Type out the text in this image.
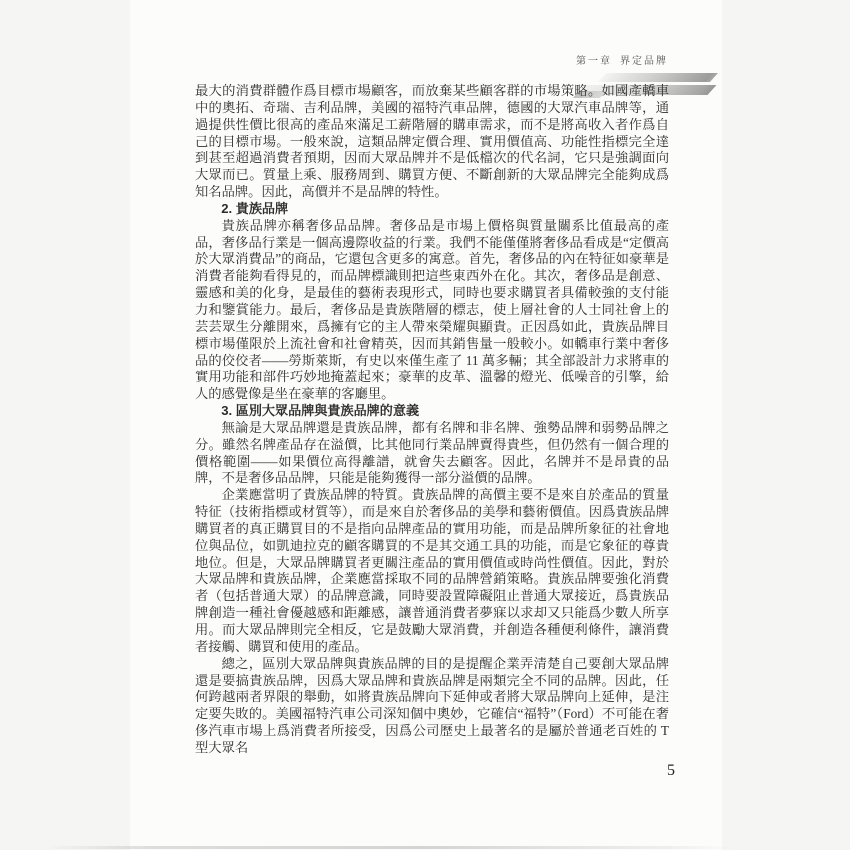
第一章 界定品牌

最大的消費群體作爲目標市場顧客，而放棄某些顧客群的市場策略。如國產轎車中的奧拓、奇瑞、吉利品牌，美國的福特汽車品牌，德國的大眾汽車品牌等，通過提供性價比很高的產品來滿足工薪階層的購車需求，而不是將高收入者作爲自己的目標市場。一般來說，這類品牌定價合理、實用價值高、功能性指標完全達到甚至超過消費者預期，因而大眾品牌并不是低檔次的代名詞，它只是強調面向大眾而已。質量上乘、服務周到、購買方便、不斷創新的大眾品牌完全能夠成爲知名品牌。因此，高價并不是品牌的特性。

2. 貴族品牌

貴族品牌亦稱奢侈品品牌。奢侈品是市場上價格與質量關系比值最高的產品，奢侈品行業是一個高邊際收益的行業。我們不能僅僅將奢侈品看成是“定價高於大眾消費品”的商品，它還包含更多的寓意。首先，奢侈品的內在特征如豪華是消費者能夠看得見的，而品牌標識則把這些東西外在化。其次，奢侈品是創意、靈感和美的化身，是最佳的藝術表現形式，同時也要求購買者具備較強的支付能力和鑒賞能力。最后，奢侈品是貴族階層的標志，使上層社會的人士同社會上的芸芸眾生分離開來，爲擁有它的主人帶來榮耀與顯貴。正因爲如此，貴族品牌目標市場僅限於上流社會和社會精英，因而其銷售量一般較小。如轎車行業中奢侈品的佼佼者——勞斯萊斯，有史以來僅生產了 11 萬多輛；其全部設計力求將車的實用功能和部件巧妙地掩蓋起來；豪華的皮革、溫馨的燈光、低噪音的引擎，給人的感覺像是坐在豪華的客廳里。

3. 區別大眾品牌與貴族品牌的意義

無論是大眾品牌還是貴族品牌，都有名牌和非名牌、強勢品牌和弱勢品牌之分。雖然名牌產品存在溢價，比其他同行業品牌賣得貴些，但仍然有一個合理的價格範圍——如果價位高得離譜，就會失去顧客。因此，名牌并不是昂貴的品牌，不是奢侈品品牌，只能是能夠獲得一部分溢價的品牌。

企業應當明了貴族品牌的特質。貴族品牌的高價主要不是來自於產品的質量特征（技術指標或材質等），而是來自於奢侈品的美學和藝術價值。因爲貴族品牌購買者的真正購買目的不是指向品牌產品的實用功能，而是品牌所象征的社會地位與品位，如凱迪拉克的顧客購買的不是其交通工具的功能，而是它象征的尊貴地位。但是，大眾品牌購買者更關注產品的實用價值或時尚性價值。因此，對於大眾品牌和貴族品牌，企業應當採取不同的品牌營銷策略。貴族品牌要強化消費者（包括普通大眾）的品牌意識，同時要設置障礙阻止普通大眾接近，爲貴族品牌創造一種社會優越感和距離感，讓普通消費者夢寐以求却又只能爲少數人所享用。而大眾品牌則完全相反，它是鼓勵大眾消費，并創造各種便利條件，讓消費者接觸、購買和使用的產品。

總之，區別大眾品牌與貴族品牌的目的是提醒企業弄清楚自己要創大眾品牌還是要搞貴族品牌，因爲大眾品牌和貴族品牌是兩類完全不同的品牌。因此，任何跨越兩者界限的舉動，如將貴族品牌向下延伸或者將大眾品牌向上延伸，是注定要失敗的。美國福特汽車公司深知個中奧妙，它確信“福特”（Ford）不可能在奢侈汽車市場上爲消費者所接受，因爲公司歷史上最著名的是屬於普通老百姓的 T 型大眾名

5
